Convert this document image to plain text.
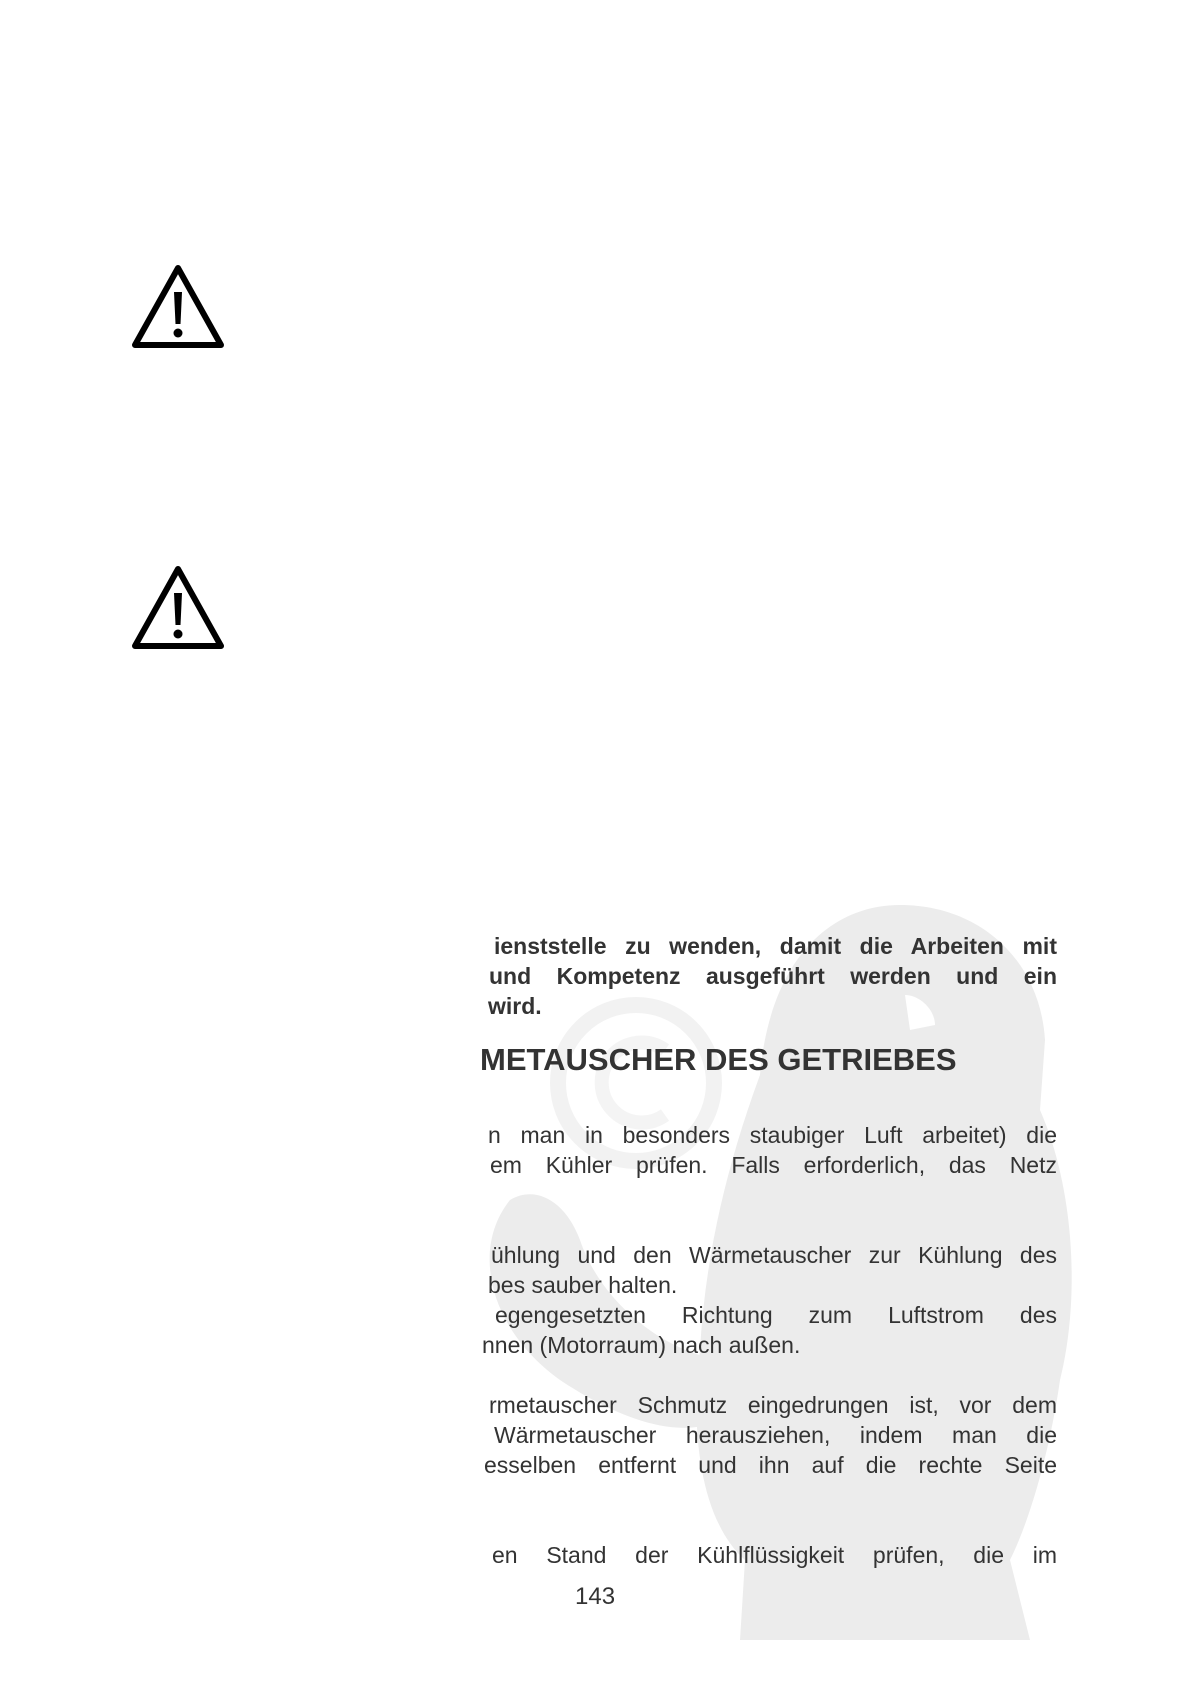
ienststelle zu wenden, damit die Arbeiten mit

und Kompetenz ausgeführt werden und ein

wird.

METAUSCHER DES GETRIEBES

n man in besonders staubiger Luft arbeitet) die

em Kühler prüfen. Falls erforderlich, das Netz

ühlung und den Wärmetauscher zur Kühlung des

bes sauber halten.

egengesetzten Richtung zum Luftstrom des

nnen (Motorraum) nach außen.

rmetauscher Schmutz eingedrungen ist, vor dem

Wärmetauscher herausziehen, indem man die

esselben entfernt und ihn auf die rechte Seite

en Stand der Kühlflüssigkeit prüfen, die im

143
